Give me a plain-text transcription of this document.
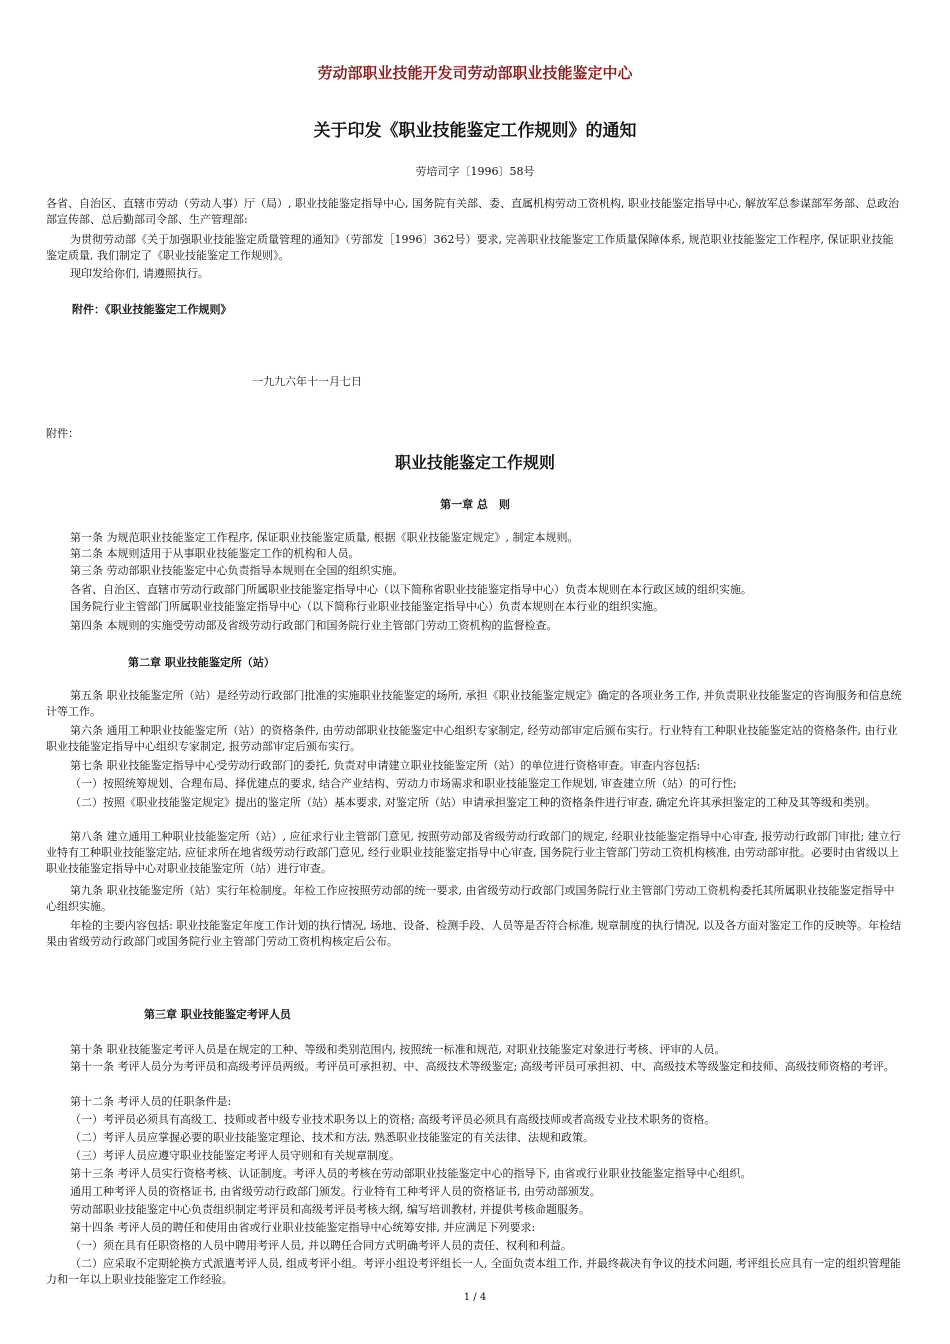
劳动部职业技能开发司劳动部职业技能鉴定中心
关于印发《职业技能鉴定工作规则》的通知
劳培司字〔1996〕58号
各省、自治区、直辖市劳动（劳动人事）厅（局）, 职业技能鉴定指导中心, 国务院有关部、委、直属机构劳动工资机构, 职业技能鉴定指导中心, 解放军总参谋部军务部、总政治部宣传部、总后勤部司令部、生产管理部:
为贯彻劳动部《关于加强职业技能鉴定质量管理的通知》（劳部发［1996〕362号）要求, 完善职业技能鉴定工作质量保障体系, 规范职业技能鉴定工作程序, 保证职业技能鉴定质量, 我们制定了《职业技能鉴定工作规则》。
现印发给你们, 请遵照执行。
附件：《职业技能鉴定工作规则》
一九九六年十一月七日
附件：
职业技能鉴定工作规则
第一章 总　则
第一条 为规范职业技能鉴定工作程序, 保证职业技能鉴定质量, 根据《职业技能鉴定规定》, 制定本规则。
第二条 本规则适用于从事职业技能鉴定工作的机构和人员。
第三条 劳动部职业技能鉴定中心负责指导本规则在全国的组织实施。
各省、自治区、直辖市劳动行政部门所属职业技能鉴定指导中心（以下简称省职业技能鉴定指导中心）负责本规则在本行政区域的组织实施。
国务院行业主管部门所属职业技能鉴定指导中心（以下简称行业职业技能鉴定指导中心）负责本规则在本行业的组织实施。
第四条 本规则的实施受劳动部及省级劳动行政部门和国务院行业主管部门劳动工资机构的监督检查。
第二章 职业技能鉴定所（站）
第五条 职业技能鉴定所（站）是经劳动行政部门批准的实施职业技能鉴定的场所, 承担《职业技能鉴定规定》确定的各项业务工作, 并负责职业技能鉴定的咨询服务和信息统计等工作。
第六条 通用工种职业技能鉴定所（站）的资格条件, 由劳动部职业技能鉴定中心组织专家制定, 经劳动部审定后颁布实行。行业特有工种职业技能鉴定站的资格条件, 由行业职业技能鉴定指导中心组织专家制定, 报劳动部审定后颁布实行。
第七条 职业技能鉴定指导中心受劳动行政部门的委托, 负责对申请建立职业技能鉴定所（站）的单位进行资格审查。审查内容包括:
（一）按照统筹规划、合理布局、择优建点的要求, 结合产业结构、劳动力市场需求和职业技能鉴定工作规划, 审查建立所（站）的可行性;
（二）按照《职业技能鉴定规定》提出的鉴定所（站）基本要求, 对鉴定所（站）申请承担鉴定工种的资格条件进行审查, 确定允许其承担鉴定的工种及其等级和类别。
第八条 建立通用工种职业技能鉴定所（站）, 应征求行业主管部门意见, 按照劳动部及省级劳动行政部门的规定, 经职业技能鉴定指导中心审查, 报劳动行政部门审批; 建立行业特有工种职业技能鉴定站, 应征求所在地省级劳动行政部门意见, 经行业职业技能鉴定指导中心审查, 国务院行业主管部门劳动工资机构核准, 由劳动部审批。必要时由省级以上职业技能鉴定指导中心对职业技能鉴定所（站）进行审查。
第九条 职业技能鉴定所（站）实行年检制度。年检工作应按照劳动部的统一要求, 由省级劳动行政部门或国务院行业主管部门劳动工资机构委托其所属职业技能鉴定指导中心组织实施。
年检的主要内容包括: 职业技能鉴定年度工作计划的执行情况, 场地、设备、检测手段、人员等是否符合标准, 规章制度的执行情况, 以及各方面对鉴定工作的反映等。年检结果由省级劳动行政部门或国务院行业主管部门劳动工资机构核定后公布。
第三章 职业技能鉴定考评人员
第十条 职业技能鉴定考评人员是在规定的工种、等级和类别范围内, 按照统一标准和规范, 对职业技能鉴定对象进行考核、评审的人员。
第十一条 考评人员分为考评员和高级考评员两级。考评员可承担初、中、高级技术等级鉴定; 高级考评员可承担初、中、高级技术等级鉴定和技师、高级技师资格的考评。
第十二条 考评人员的任职条件是:
（一）考评员必须具有高级工、技师或者中级专业技术职务以上的资格; 高级考评员必须具有高级技师或者高级专业技术职务的资格。
（二）考评人员应掌握必要的职业技能鉴定理论、技术和方法, 熟悉职业技能鉴定的有关法律、法规和政策。
（三）考评人员应遵守职业技能鉴定考评人员守则和有关规章制度。
第十三条 考评人员实行资格考核、认证制度。考评人员的考核在劳动部职业技能鉴定中心的指导下, 由省或行业职业技能鉴定指导中心组织。
通用工种考评人员的资格证书, 由省级劳动行政部门颁发。行业特有工种考评人员的资格证书, 由劳动部颁发。
劳动部职业技能鉴定中心负责组织制定考评员和高级考评员考核大纲, 编写培训教材, 并提供考核命题服务。
第十四条 考评人员的聘任和使用由省或行业职业技能鉴定指导中心统筹安排, 并应满足下列要求:
（一）须在具有任职资格的人员中聘用考评人员, 并以聘任合同方式明确考评人员的责任、权利和利益。
（二）应采取不定期轮换方式派遣考评人员, 组成考评小组。考评小组设考评组长一人, 全面负责本组工作, 并最终裁决有争议的技术问题, 考评组长应具有一定的组织管理能力和一年以上职业技能鉴定工作经验。
1 / 4
